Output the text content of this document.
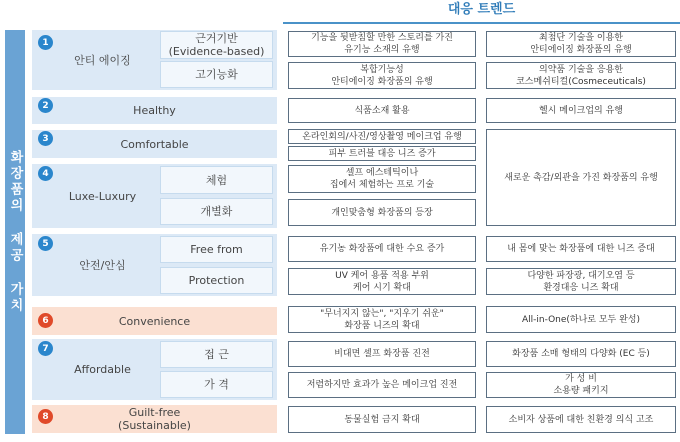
대응 트렌드
화장품의 제공 가치
1
안티 에이징
근거기반
(Evidence-based)
고기능화
Healthy
2
Comfortable
3
4
Luxe-Luxury
체험
개별화
5
안전/안심
Free from
Protection
Convenience
6
7
Affordable
접 근
가 격
Guilt-free
(Sustainable)
8
기능을 뒷받침할 만한 스토리를 가진
유기능 소재의 유행
복합기능성
안티에이징 화장품의 유행
식품소재 활용
온라인회의/사진/영상촬영 메이크업 유행
피부 트러블 대응 니즈 증가
셀프 에스테틱이나
집에서 체험하는 프로 기술
개인맞춤형 화장품의 등장
유기농 화장품에 대한 수요 증가
UV 케어 용품 적용 부위
케어 시기 확대
"무너지지 않는", "지우기 쉬운"
화장품 니즈의 확대
비대면 셀프 화장품 진전
저렴하지만 효과가 높은 메이크업 진전
동물실험 금지 확대
최첨단 기술을 이용한
안티에이징 화장품의 유행
의약품 기술을 응용한
코스메쉬티컬(Cosmeceuticals)
헬시 메이크업의 유행
새로운 촉감/외관을 가진 화장품의 유행
내 몸에 맞는 화장품에 대한 니즈 증대
다양한 파장광, 대기오염 등
환경대응 니즈 확대
All-in-One(하나로 모두 완성)
화장품 소매 형태의 다양화 (EC 등)
가 성 비
소용량 패키지
소비자 상품에 대한 친환경 의식 고조
